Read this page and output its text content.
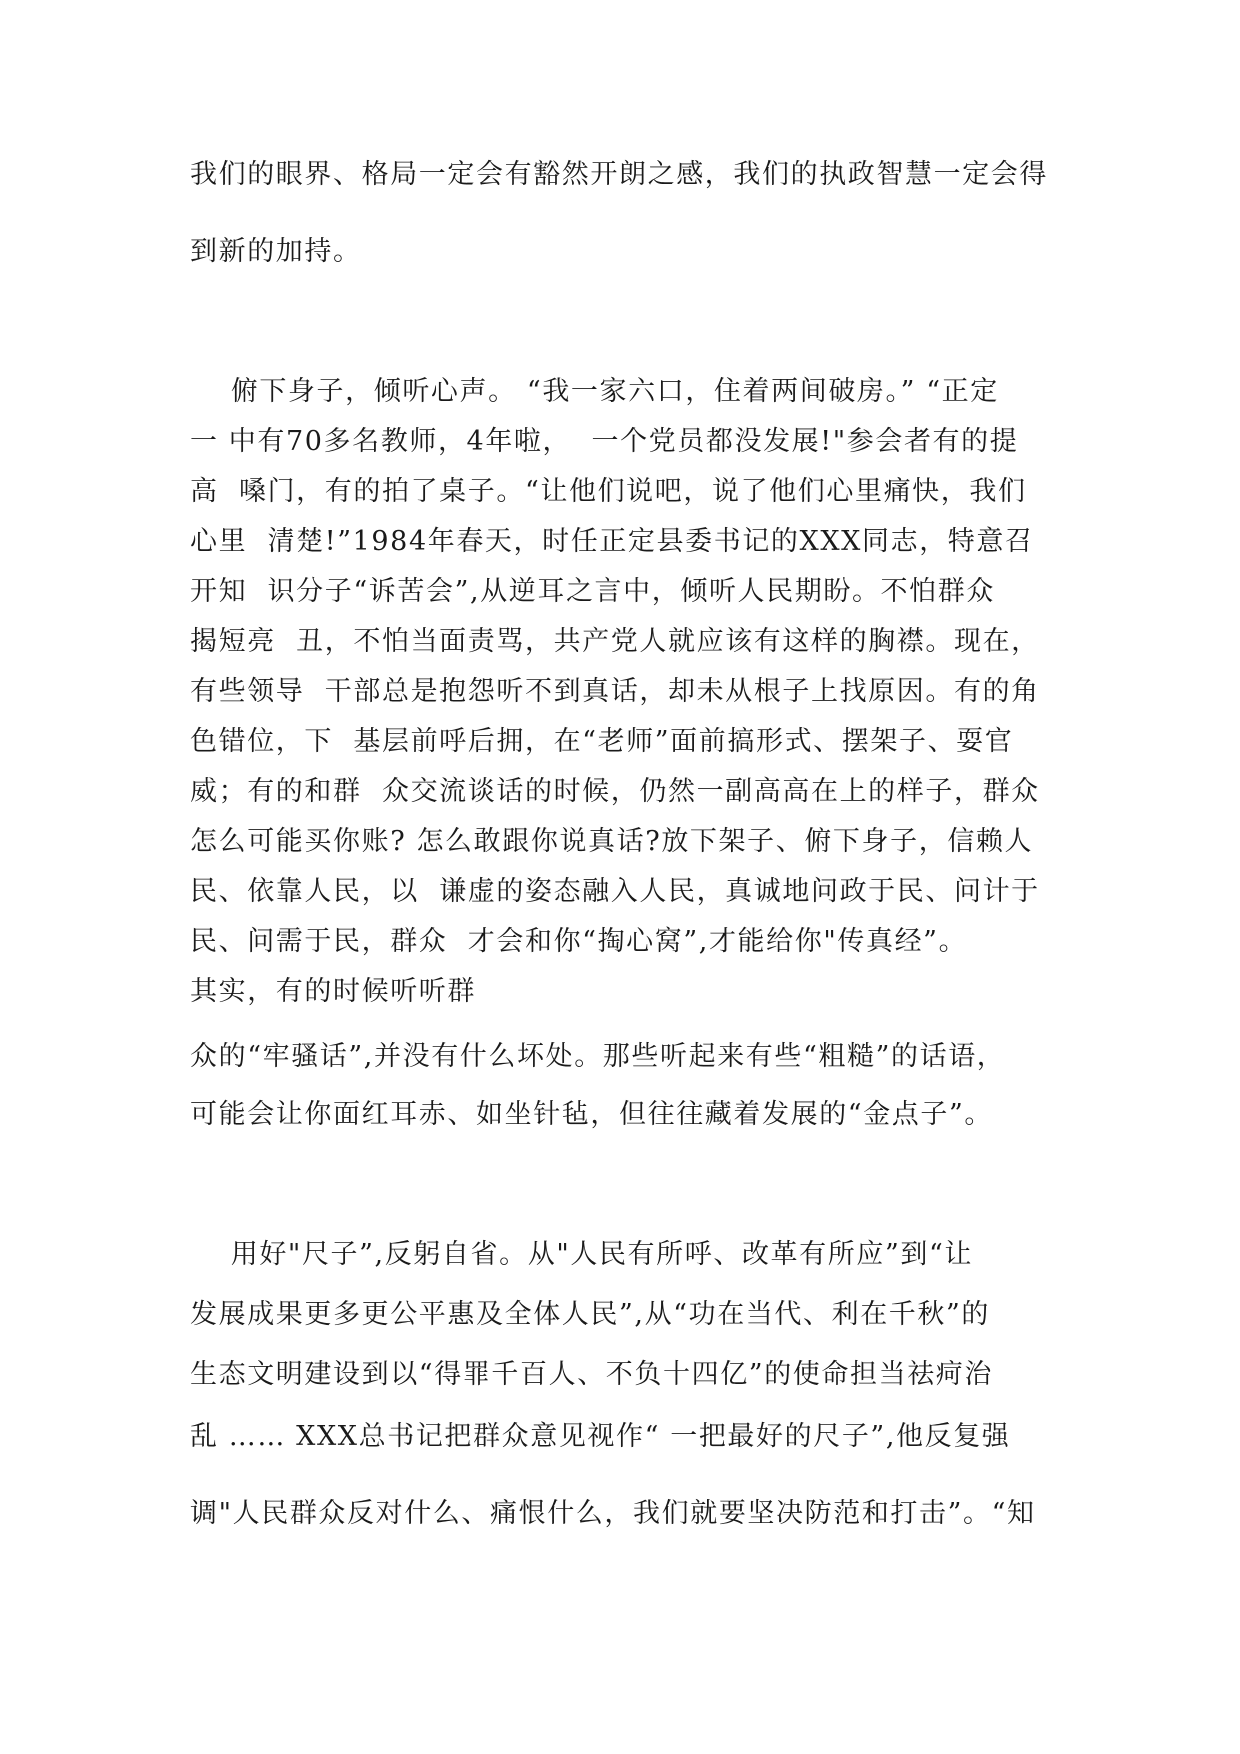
我们的眼界、格局一定会有豁然开朗之感，我们的执政智慧一定会得
到新的加持。
俯下身子，倾听心声。 “我一家六口，住着两间破房。” “正定
一 中有70多名教师，4年啦，  一个党员都没发展!"参会者有的提
高  嗓门，有的拍了桌子。“让他们说吧，说了他们心里痛快，我们
心里  清楚!”1984年春天，时任正定县委书记的XXX同志，特意召
开知  识分子“诉苦会”,从逆耳之言中，倾听人民期盼。不怕群众
揭短亮  丑，不怕当面责骂，共产党人就应该有这样的胸襟。现在，
有些领导  干部总是抱怨听不到真话，却未从根子上找原因。有的角
色错位，下  基层前呼后拥，在“老师”面前搞形式、摆架子、耍官
威；有的和群  众交流谈话的时候，仍然一副高高在上的样子，群众
怎么可能买你账? 怎么敢跟你说真话?放下架子、俯下身子，信赖人
民、依靠人民，以  谦虚的姿态融入人民，真诚地问政于民、问计于
民、问需于民，群众  才会和你“掏心窝”,才能给你"传真经”。
其实，有的时候听听群
众的“牢骚话”,并没有什么坏处。那些听起来有些“粗糙”的话语，
可能会让你面红耳赤、如坐针毡，但往往藏着发展的“金点子”。
用好"尺子”,反躬自省。从"人民有所呼、改革有所应”到“让
发展成果更多更公平惠及全体人民”,从“功在当代、利在千秋”的
生态文明建设到以“得罪千百人、不负十四亿”的使命担当祛疴治
乱 …… XXX总书记把群众意见视作“ 一把最好的尺子”,他反复强
调"人民群众反对什么、痛恨什么，我们就要坚决防范和打击”。“知
